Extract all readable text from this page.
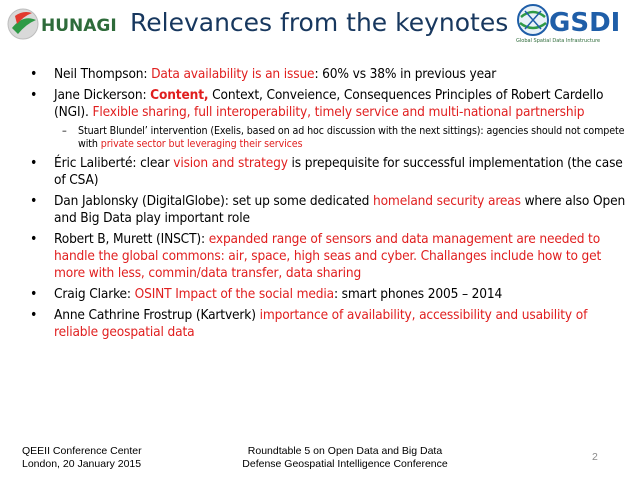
HUNAGI Relevances from the keynotes GSDI
Global Spatial Data Infrastructure
• Neil Thompson: Data availability is an issue: 60% vs 38% in previous year
• Jane Dickerson: Content, Context, Conveience, Consequences Principles of Robert Cardello (NGI). Flexible sharing, full interoperability, timely service and multi-national partnership
– Stuart Blundel’ intervention (Exelis, based on ad hoc discussion with the next sittings): agencies should not compete with private sector but leveraging their services
• Éric Laliberté: clear vision and strategy is prepequisite for successful implementation (the case of CSA)
• Dan Jablonsky (DigitalGlobe): set up some dedicated homeland security areas where also Open and Big Data play important role
• Robert B, Murett (INSCT): expanded range of sensors and data management are needed to handle the global commons: air, space, high seas and cyber. Challanges include how to get more with less, commin/data transfer, data sharing
• Craig Clarke: OSINT Impact of the social media: smart phones 2005 – 2014
• Anne Cathrine Frostrup (Kartverk) importance of availability, accessibility and usability of reliable geospatial data
QEEII Conference Center
London, 20 January 2015
Roundtable 5 on Open Data and Big Data
Defense Geospatial Intelligence Conference
2
